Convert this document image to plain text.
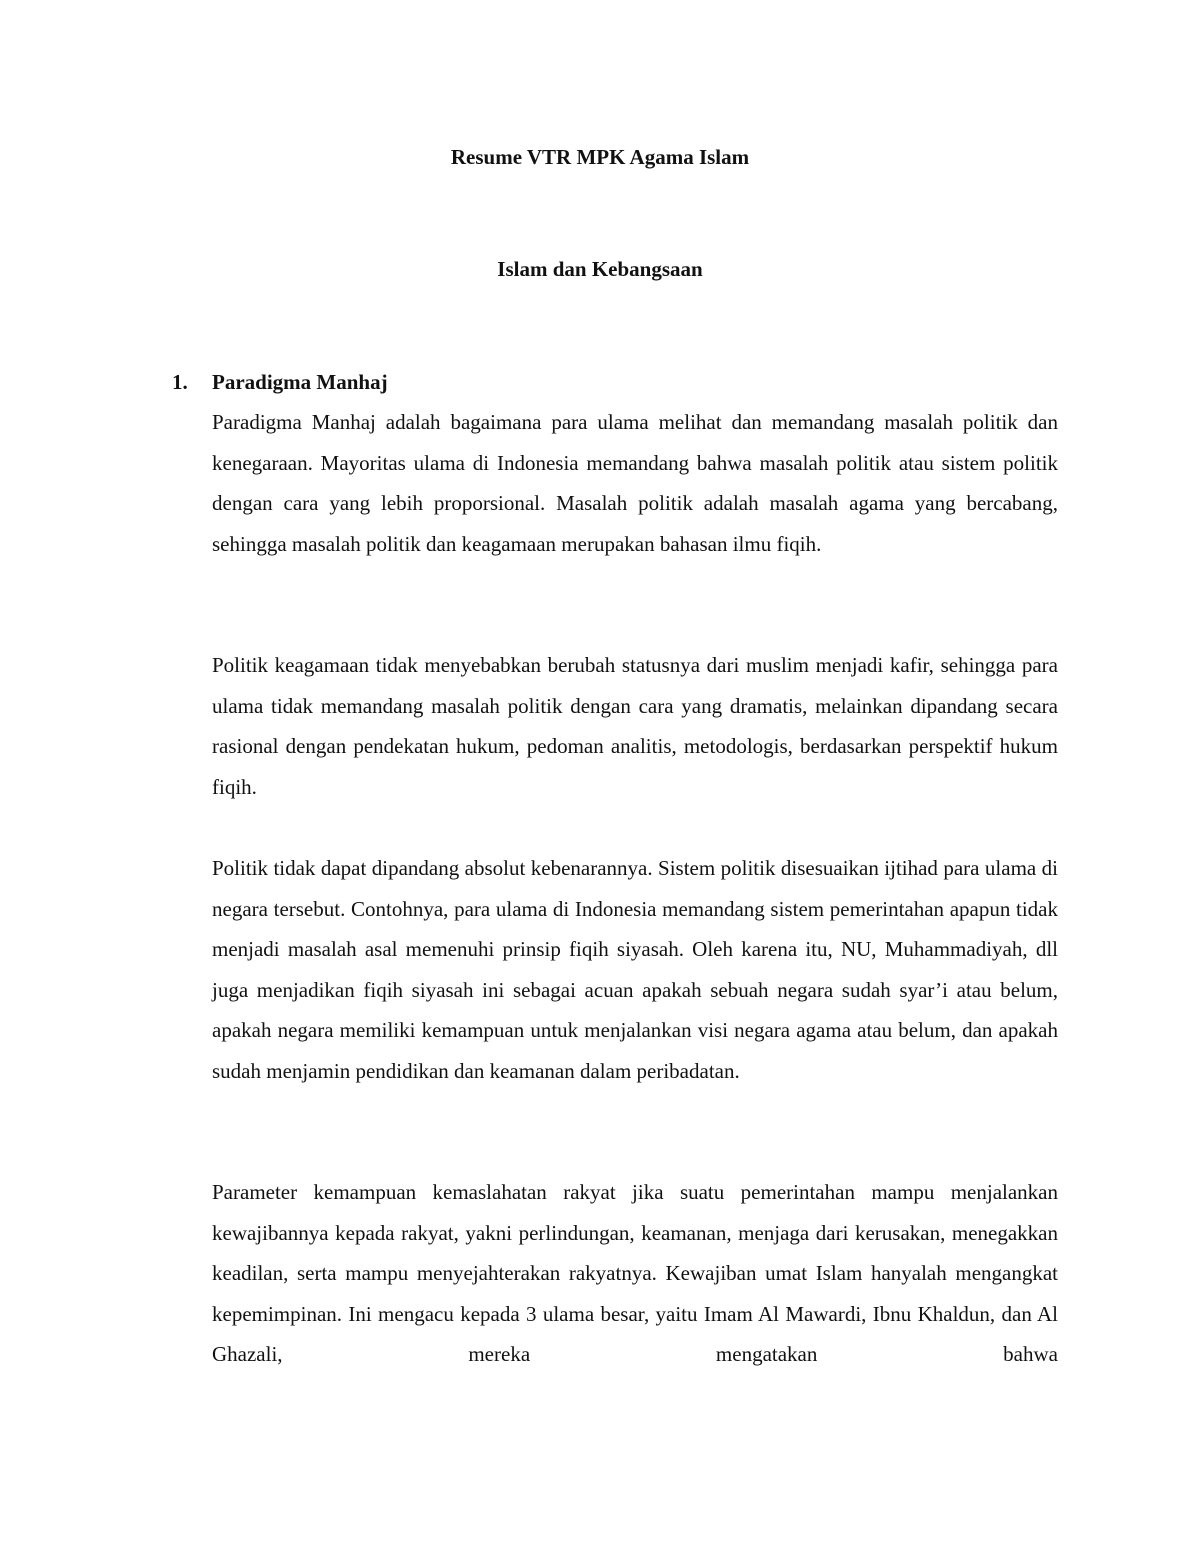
Resume VTR MPK Agama Islam
Islam dan Kebangsaan
1. Paradigma Manhaj

Paradigma Manhaj adalah bagaimana para ulama melihat dan memandang masalah politik dan kenegaraan. Mayoritas ulama di Indonesia memandang bahwa masalah politik atau sistem politik dengan cara yang lebih proporsional. Masalah politik adalah masalah agama yang bercabang, sehingga masalah politik dan keagamaan merupakan bahasan ilmu fiqih.

Politik keagamaan tidak menyebabkan berubah statusnya dari muslim menjadi kafir, sehingga para ulama tidak memandang masalah politik dengan cara yang dramatis, melainkan dipandang secara rasional dengan pendekatan hukum, pedoman analitis, metodologis, berdasarkan perspektif hukum fiqih.

Politik tidak dapat dipandang absolut kebenarannya. Sistem politik disesuaikan ijtihad para ulama di negara tersebut. Contohnya, para ulama di Indonesia memandang sistem pemerintahan apapun tidak menjadi masalah asal memenuhi prinsip fiqih siyasah. Oleh karena itu, NU, Muhammadiyah, dll juga menjadikan fiqih siyasah ini sebagai acuan apakah sebuah negara sudah syar’i atau belum, apakah negara memiliki kemampuan untuk menjalankan visi negara agama atau belum, dan apakah sudah menjamin pendidikan dan keamanan dalam peribadatan.

Parameter kemampuan kemaslahatan rakyat jika suatu pemerintahan mampu menjalankan kewajibannya kepada rakyat, yakni perlindungan, keamanan, menjaga dari kerusakan, menegakkan keadilan, serta mampu menyejahterakan rakyatnya. Kewajiban umat Islam hanyalah mengangkat kepemimpinan. Ini mengacu kepada 3 ulama besar, yaitu Imam Al Mawardi, Ibnu Khaldun, dan Al Ghazali, mereka mengatakan bahwa
